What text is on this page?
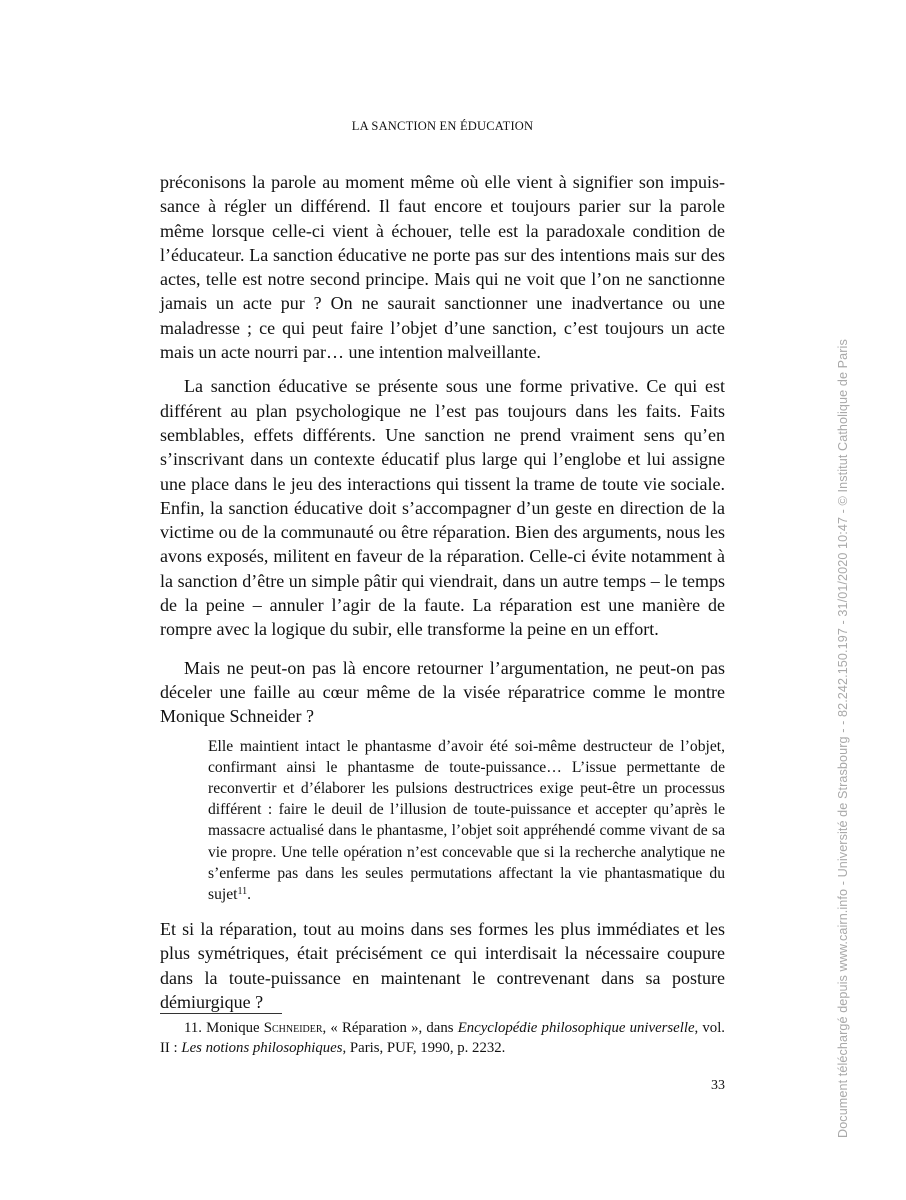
LA SANCTION EN ÉDUCATION

préconisons la parole au moment même où elle vient à signifier son impuissance à régler un différend. Il faut encore et toujours parier sur la parole même lorsque celle-ci vient à échouer, telle est la paradoxale condition de l’éducateur. La sanction éducative ne porte pas sur des intentions mais sur des actes, telle est notre second principe. Mais qui ne voit que l’on ne sanctionne jamais un acte pur ? On ne saurait sanctionner une inadvertance ou une maladresse ; ce qui peut faire l’objet d’une sanction, c’est toujours un acte mais un acte nourri par… une intention malveillante.

La sanction éducative se présente sous une forme privative. Ce qui est différent au plan psychologique ne l’est pas toujours dans les faits. Faits semblables, effets différents. Une sanction ne prend vraiment sens qu’en s’inscrivant dans un contexte éducatif plus large qui l’englobe et lui assigne une place dans le jeu des interactions qui tissent la trame de toute vie sociale. Enfin, la sanction éducative doit s’accompagner d’un geste en direction de la victime ou de la communauté ou être réparation. Bien des arguments, nous les avons exposés, militent en faveur de la réparation. Celle-ci évite notamment à la sanction d’être un simple pâtir qui viendrait, dans un autre temps – le temps de la peine – annuler l’agir de la faute. La réparation est une manière de rompre avec la logique du subir, elle transforme la peine en un effort.

Mais ne peut-on pas là encore retourner l’argumentation, ne peut-on pas déceler une faille au cœur même de la visée réparatrice comme le montre Monique Schneider ?

Elle maintient intact le phantasme d’avoir été soi-même destructeur de l’objet, confirmant ainsi le phantasme de toute-puissance… L’issue permettante de reconvertir et d’élaborer les pulsions destructrices exige peut-être un processus différent : faire le deuil de l’illusion de toute-puissance et accepter qu’après le massacre actualisé dans le phantasme, l’objet soit appréhendé comme vivant de sa vie propre. Une telle opération n’est concevable que si la recherche analytique ne s’enferme pas dans les seules permutations affectant la vie phantasmatique du sujet$^{11}$.

Et si la réparation, tout au moins dans ses formes les plus immédiates et les plus symétriques, était précisément ce qui interdisait la nécessaire coupure dans la toute-puissance en maintenant le contrevenant dans sa posture démiurgique ?

11. Monique Schneider, « Réparation », dans Encyclopédie philosophique universelle, vol. II : Les notions philosophiques, Paris, PUF, 1990, p. 2232.
33	Document téléchargé depuis www.cairn.info - Université de Strasbourg - - 82.242.150.197 - 31/01/2020 10:47 - © Institut Catholique de Paris
